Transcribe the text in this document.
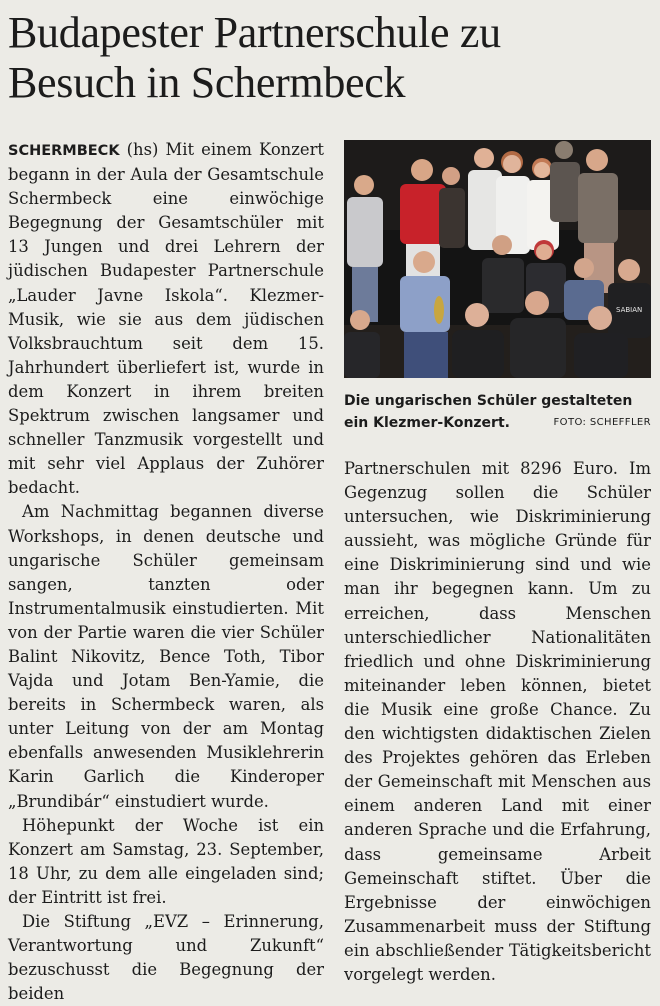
Budapester Partnerschule zu
Besuch in Schermbeck

SCHERMBECK (hs) Mit einem Konzert begann in der Aula der Gesamtschule Schermbeck eine einwöchige Begegnung der Gesamtschüler mit 13 Jungen und drei Lehrern der jüdischen Budapester Partnerschule „Lauder Javne Iskola“. Klezmer-Musik, wie sie aus dem jüdischen Volksbrauchtum seit dem 15. Jahrhundert überliefert ist, wurde in dem Konzert in ihrem breiten Spektrum zwischen langsamer und schneller Tanzmusik vorgestellt und mit sehr viel Applaus der Zuhörer bedacht.

Am Nachmittag begannen diverse Workshops, in denen deutsche und ungarische Schüler gemeinsam sangen, tanzten oder Instrumentalmusik einstudierten. Mit von der Partie waren die vier Schüler Balint Nikovitz, Bence Toth, Tibor Vajda und Jotam Ben-Yamie, die bereits in Schermbeck waren, als unter Leitung von der am Montag ebenfalls anwesenden Musiklehrerin Karin Garlich die Kinderoper „Brundibár“ einstudiert wurde.

Höhepunkt der Woche ist ein Konzert am Samstag, 23. September, 18 Uhr, zu dem alle eingeladen sind; der Eintritt ist frei.

Die Stiftung „EVZ – Erinnerung, Verantwortung und Zukunft“ bezuschusst die Begegnung der beiden

SABIAN
Die ungarischen Schüler gestalteten
ein Klezmer-Konzert.	FOTO: SCHEFFLER

Partnerschulen mit 8296 Euro. Im Gegenzug sollen die Schüler untersuchen, wie Diskriminierung aussieht, was mögliche Gründe für eine Diskriminierung sind und wie man ihr begegnen kann. Um zu erreichen, dass Menschen unterschiedlicher Nationalitäten friedlich und ohne Diskriminierung miteinander leben können, bietet die Musik eine große Chance. Zu den wichtigsten didaktischen Zielen des Projektes gehören das Erleben der Gemeinschaft mit Menschen aus einem anderen Land mit einer anderen Sprache und die Erfahrung, dass gemeinsame Arbeit Gemeinschaft stiftet. Über die Ergebnisse der einwöchigen Zusammenarbeit muss der Stiftung ein abschließender Tätigkeitsbericht vorgelegt werden.
